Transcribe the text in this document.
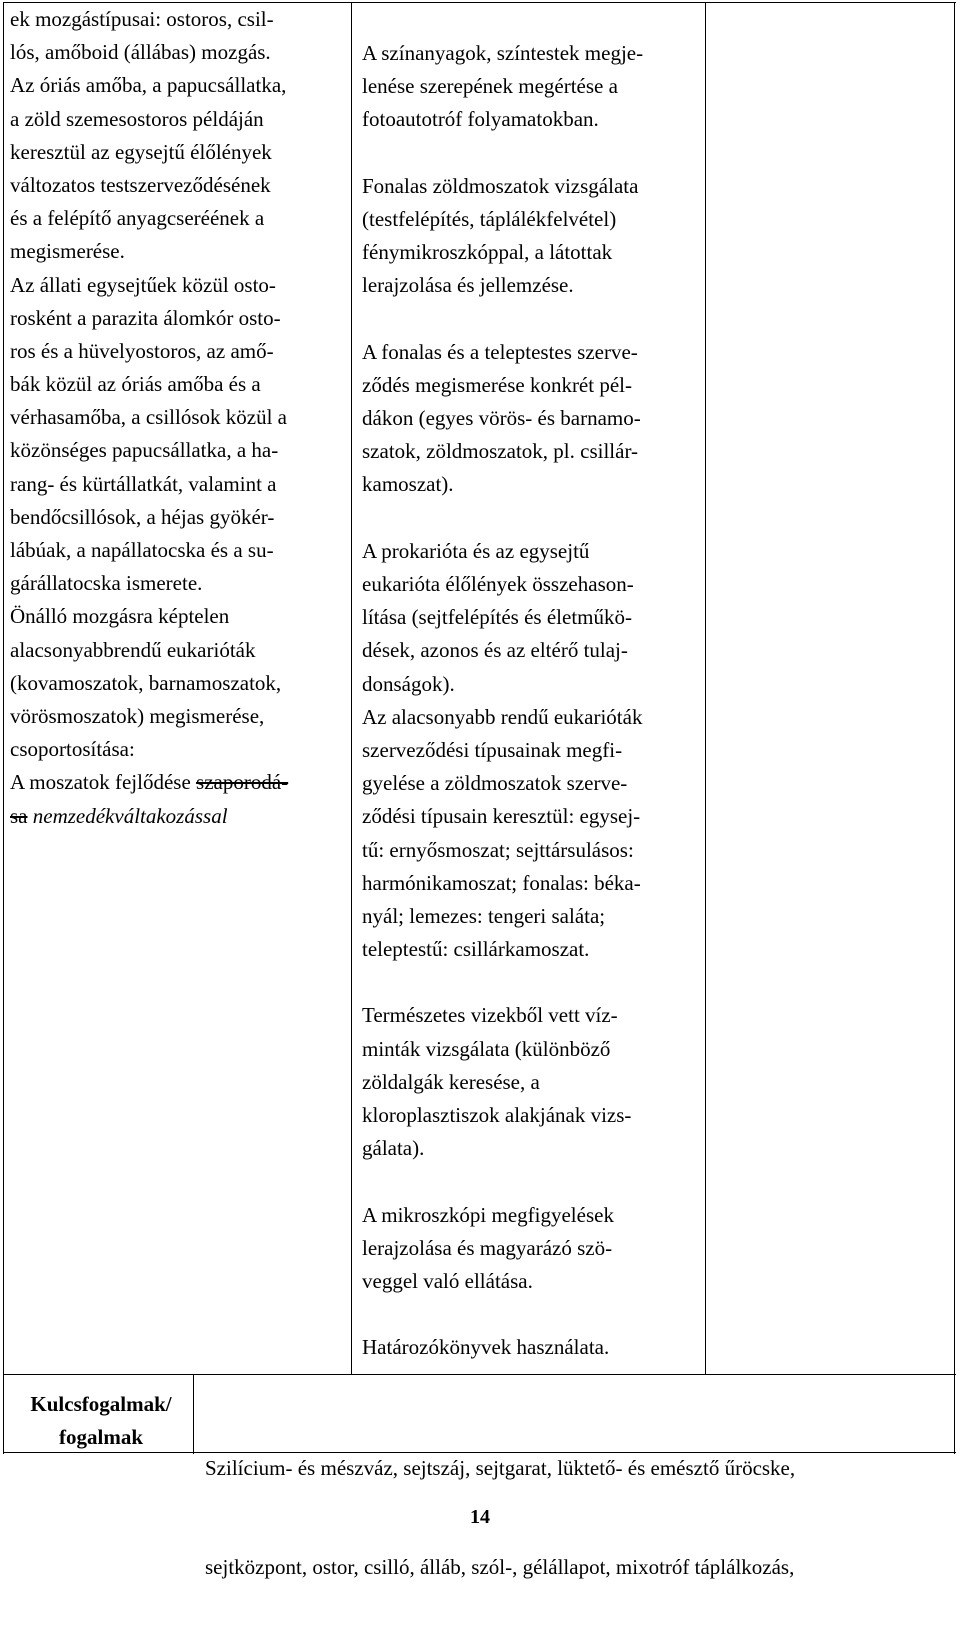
ek mozgástípusai: ostoros, csil-
lós, amőboid (állábas) mozgás.
Az óriás amőba, a papucsállatka,
a zöld szemesostoros példáján
keresztül az egysejtű élőlények
változatos testszerveződésének
és a felépítő anyagcseréének a
megismerése.
Az állati egysejtűek közül osto-
rosként a parazita álomkór osto-
ros és a hüvelyostoros, az amő-
bák közül az óriás amőba és a
vérhasamőba, a csillósok közül a
közönséges papucsállatka, a ha-
rang- és kürtállatkát, valamint a
bendőcsillósok, a héjas gyökér-
lábúak, a napállatocska és a su-
gárállatocska ismerete.
Önálló mozgásra képtelen
alacsonyabbrendű eukarióták
(kovamoszatok, barnamoszatok,
vörösmoszatok) megismerése,
csoportosítása:
A moszatok fejlődése szaporodá-
sa nemzedékváltakozással
A színanyagok, színtestek megje-
lenése szerepének megértése a
fotoautotróf folyamatokban.
Fonalas zöldmoszatok vizsgálata
(testfelépítés, táplálékfelvétel)
fénymikroszkóppal, a látottak
lerajzolása és jellemzése.
A fonalas és a teleptestes szerve-
ződés megismerése konkrét pél-
dákon (egyes vörös- és barnamo-
szatok, zöldmoszatok, pl. csillár-
kamoszat).
A prokarióta és az egysejtű
eukarióta élőlények összehason-
lítása (sejtfelépítés és életműkö-
dések, azonos és az eltérő tulaj-
donságok).
Az alacsonyabb rendű eukarióták
szerveződési típusainak megfi-
gyelése a zöldmoszatok szerve-
ződési típusain keresztül: egysej-
tű: ernyősmoszat; sejttársulásos:
harmónikamoszat; fonalas: béka-
nyál; lemezes: tengeri saláta;
teleptestű: csillárkamoszat.
Természetes vizekből vett víz-
minták vizsgálata (különböző
zöldalgák keresése, a
kloroplasztiszok alakjának vizs-
gálata).
A mikroszkópi megfigyelések
lerajzolása és magyarázó szö-
veggel való ellátása.
Határozókönyvek használata.
Kulcsfogalmak/
fogalmak

Szilícium- és mészváz, sejtszáj, sejtgarat, lüktető- és emésztő űröcske,

sejtközpont, ostor, csilló, álláb, szól-, gélállapot, mixotróf táplálkozás,

14
